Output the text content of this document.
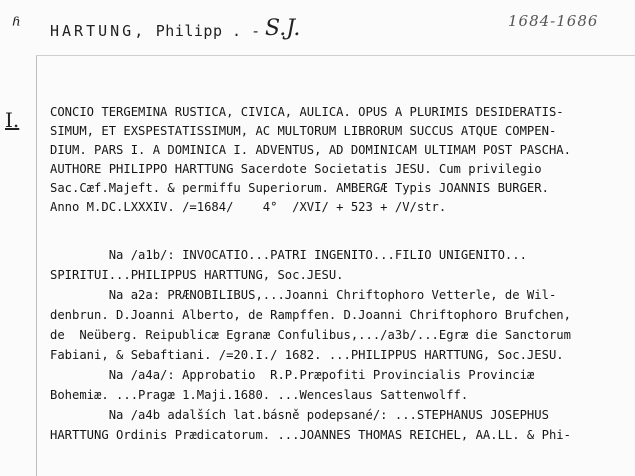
ʱ HARTUNG, Philipp . - S.J.	1684-1686
I.	CONCIO TERGEMINA RUSTICA, CIVICA, AULICA. OPUS A PLURIMIS DESIDERATIS-
SIMUM, ET EXSPESTATISSIMUM, AC MULTORUM LIBRORUM SUCCUS ATQUE COMPEN-
DIUM. PARS I. A DOMINICA I. ADVENTUS, AD DOMINICAM ULTIMAM POST PASCHA.
AUTHORE PHILIPPO HARTTUNG Sacerdote Societatis JESU. Cum privilegio
Sac.Cæf.Majeft. & permiffu Superiorum. AMBERGÆ Typis JOANNIS BURGER.
Anno M.DC.LXXXIV. /=1684/    4°  /XVI/ + 523 + /V/str.
Na /a1b/: INVOCATIO...PATRI INGENITO...FILIO UNIGENITO...
SPIRITUI...PHILIPPUS HARTTUNG, Soc.JESU.
Na a2a: PRÆNOBILIBUS,...Joanni Chriftophoro Vetterle, de Wil-
denbrun. D.Joanni Alberto, de Rampffen. D.Joanni Chriftophoro Brufchen,
de  Neüberg. Reipublicæ Egranæ Confulibus,.../a3b/...Egræ die Sanctorum
Fabiani, & Sebaftiani. /=20.I./ 1682. ...PHILIPPUS HARTTUNG, Soc.JESU.
Na /a4a/: Approbatio  R.P.Præpofiti Provincialis Provinciæ
Bohemiæ. ...Pragæ 1.Maji.1680. ...Wenceslaus Sattenwolff.
Na /a4b adalších lat.básně podepsané/: ...STEPHANUS JOSEPHUS
HARTTUNG Ordinis Prædicatorum. ...JOANNES THOMAS REICHEL, AA.LL. & Phi-
